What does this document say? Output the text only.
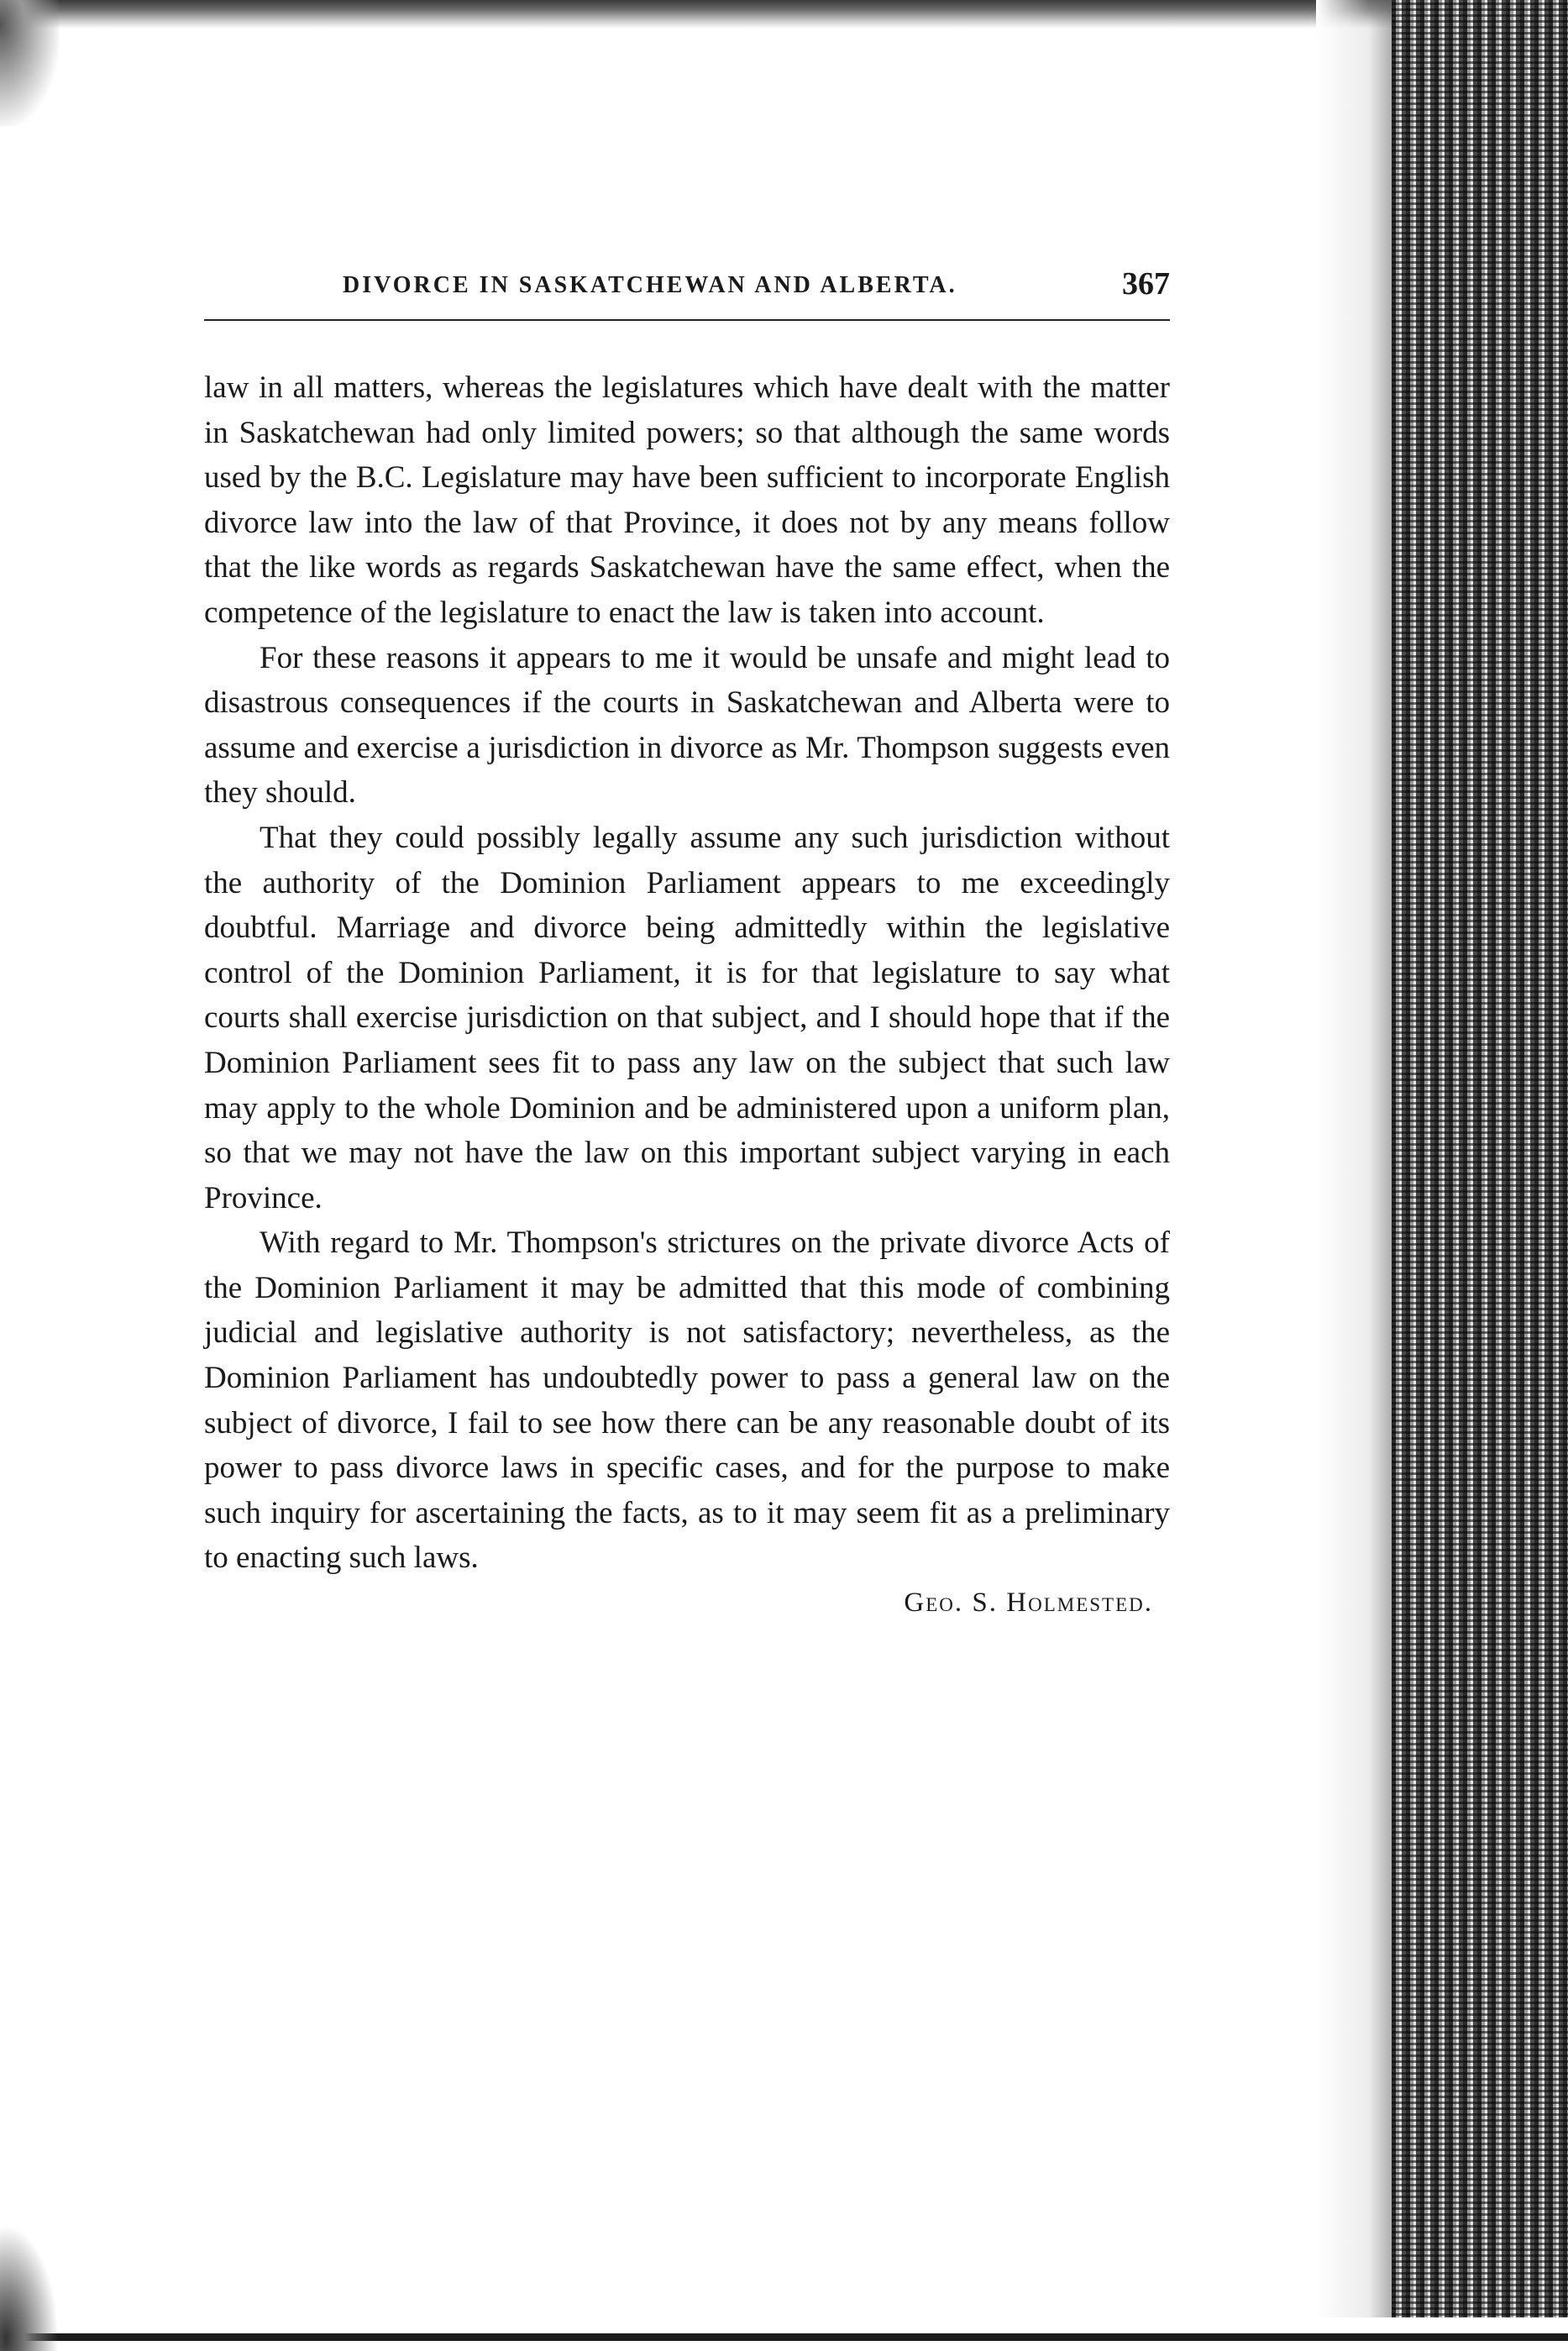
DIVORCE IN SASKATCHEWAN AND ALBERTA.	367

law in all matters, whereas the legislatures which have dealt with the matter in Saskatchewan had only limited powers; so that although the same words used by the B.C. Legislature may have been sufficient to incorporate English divorce law into the law of that Province, it does not by any means follow that the like words as regards Saskatchewan have the same effect, when the competence of the legislature to enact the law is taken into account.

For these reasons it appears to me it would be unsafe and might lead to disastrous consequences if the courts in Saskatchewan and Alberta were to assume and exercise a jurisdiction in divorce as Mr. Thompson suggests even they should.

That they could possibly legally assume any such jurisdiction without the authority of the Dominion Parliament appears to me exceedingly doubtful. Marriage and divorce being admittedly within the legislative control of the Dominion Parliament, it is for that legislature to say what courts shall exercise jurisdiction on that subject, and I should hope that if the Dominion Parliament sees fit to pass any law on the subject that such law may apply to the whole Dominion and be administered upon a uniform plan, so that we may not have the law on this important subject varying in each Province.

With regard to Mr. Thompson's strictures on the private divorce Acts of the Dominion Parliament it may be admitted that this mode of combining judicial and legislative authority is not satisfactory; nevertheless, as the Dominion Parliament has undoubtedly power to pass a general law on the subject of divorce, I fail to see how there can be any reasonable doubt of its power to pass divorce laws in specific cases, and for the purpose to make such inquiry for ascertaining the facts, as to it may seem fit as a preliminary to enacting such laws.

Geo. S. Holmested.
